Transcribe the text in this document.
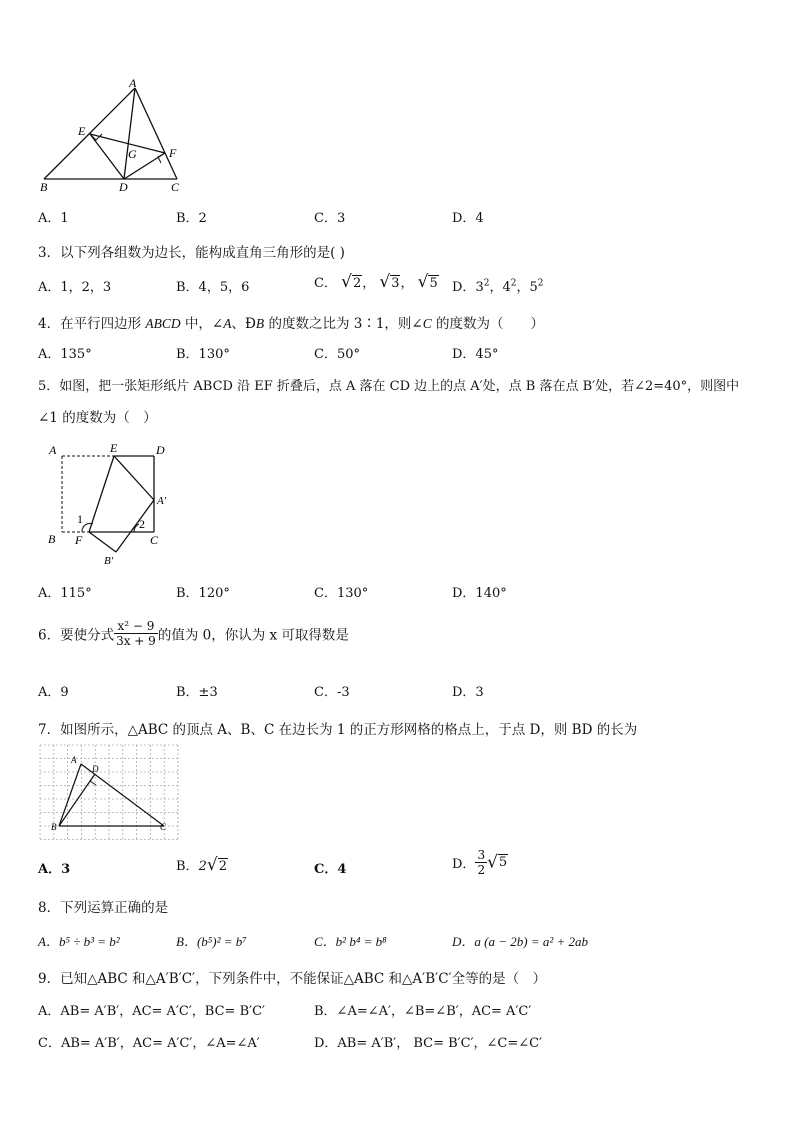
A
E
G	F
B	D	C
A．1	B．2	C．3	D．4
3．以下列各组数为边长，能构成直角三角形的是( )
A．1，2，3	B．4，5，6	C． √2， √3， √5 D．$3^2$，$4^2$，$5^2$
4．在平行四边形 ABCD 中，∠A、ÐB 的度数之比为 3∶1，则∠C 的度数为（　　）
A．135°	B．130°	C．50°	D．45°
5．如图，把一张矩形纸片 ABCD 沿 EF 折叠后，点 A 落在 CD 边上的点 A′处，点 B 落在点 B′处，若∠2=40°，则图中
∠1 的度数为（　）
A	E	D
A'
1	2
B F	C
B'
A．115°	B．120°	C．130°	D．140°
6．要使分式 $\frac{\text{x² − 9}}{3x + 9}$ 的值为 0，你认为 x 可取得数是
A．9	B．±3	C．-3	D．3
7．如图所示，△ABC 的顶点 A、B、C 在边长为 1 的正方形网格的格点上，于点 D，则 BD 的长为
A
D
B	C
A．3	B．2√2	C．4	D． $\frac{3}{2} √5$
8．下列运算正确的是
A．b⁵ ÷ b³ = b²	B．(b⁵)² = b⁷	C．b² b⁴ = b⁸	D．a (a − 2b) = a² + 2ab
9．已知△ABC 和△A′B′C′，下列条件中，不能保证△ABC 和△A′B′C′全等的是（　）
A．AB= A′B′，AC= A′C′，BC= B′C′	B．∠A=∠A′，∠B=∠B′，AC= A′C′
C．AB= A′B′，AC= A′C′，∠A=∠A′	D．AB= A′B′， BC= B′C′，∠C=∠C′
